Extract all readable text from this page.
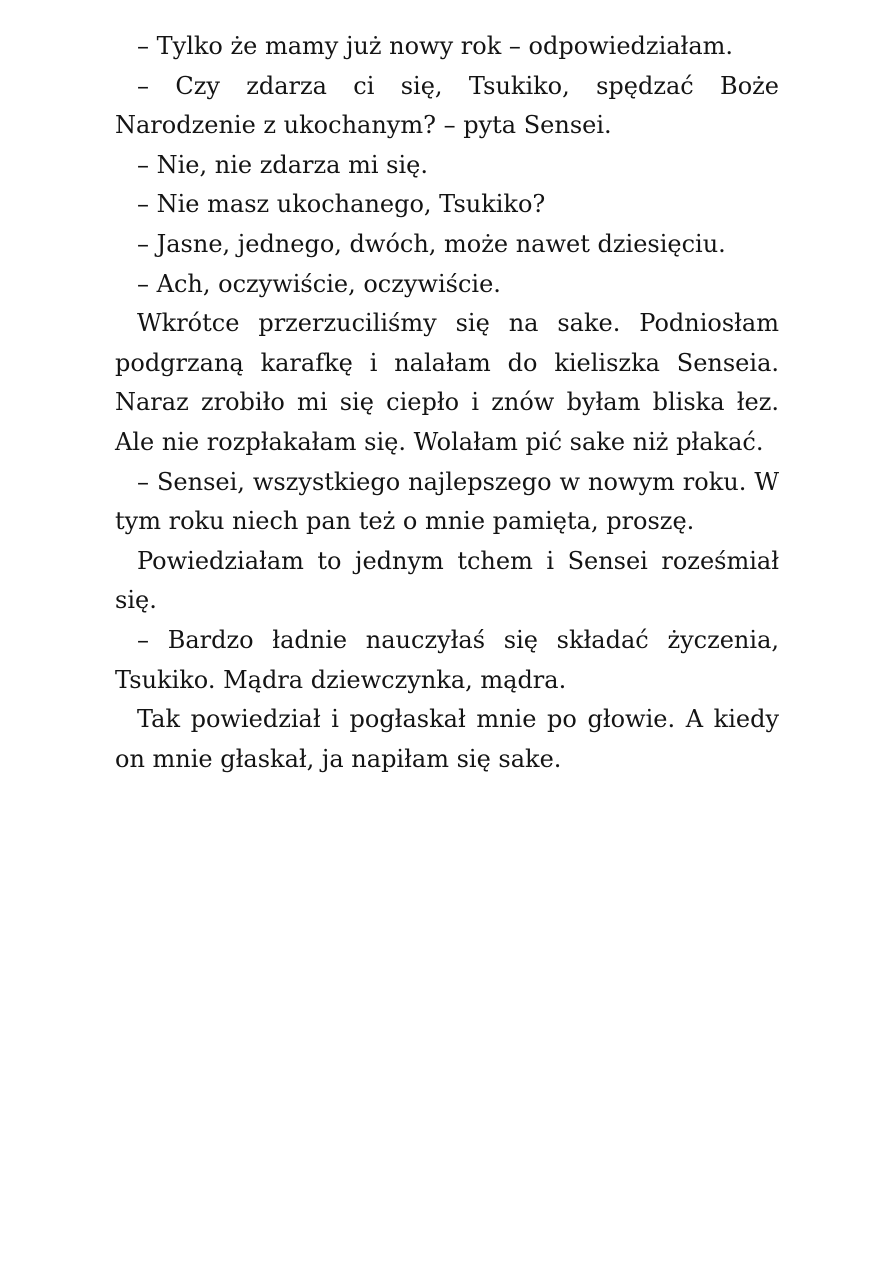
– Tylko że mamy już nowy rok – odpowiedziałam.

– Czy zdarza ci się, Tsukiko, spędzać Boże Narodzenie z ukochanym? – pyta Sensei.

– Nie, nie zdarza mi się.

– Nie masz ukochanego, Tsukiko?

– Jasne, jednego, dwóch, może nawet dziesięciu.

– Ach, oczywiście, oczywiście.

Wkrótce przerzuciliśmy się na sake. Podniosłam podgrzaną karafkę i nalałam do kieliszka Senseia. Naraz zrobiło mi się ciepło i znów byłam bliska łez. Ale nie rozpłakałam się. Wolałam pić sake niż płakać.

– Sensei, wszystkiego najlepszego w nowym roku. W tym roku niech pan też o mnie pamięta, proszę.

Powiedziałam to jednym tchem i Sensei roześmiał się.

– Bardzo ładnie nauczyłaś się składać życzenia, Tsukiko. Mądra dziewczynka, mądra.

Tak powiedział i pogłaskał mnie po głowie. A kiedy on mnie głaskał, ja napiłam się sake.
